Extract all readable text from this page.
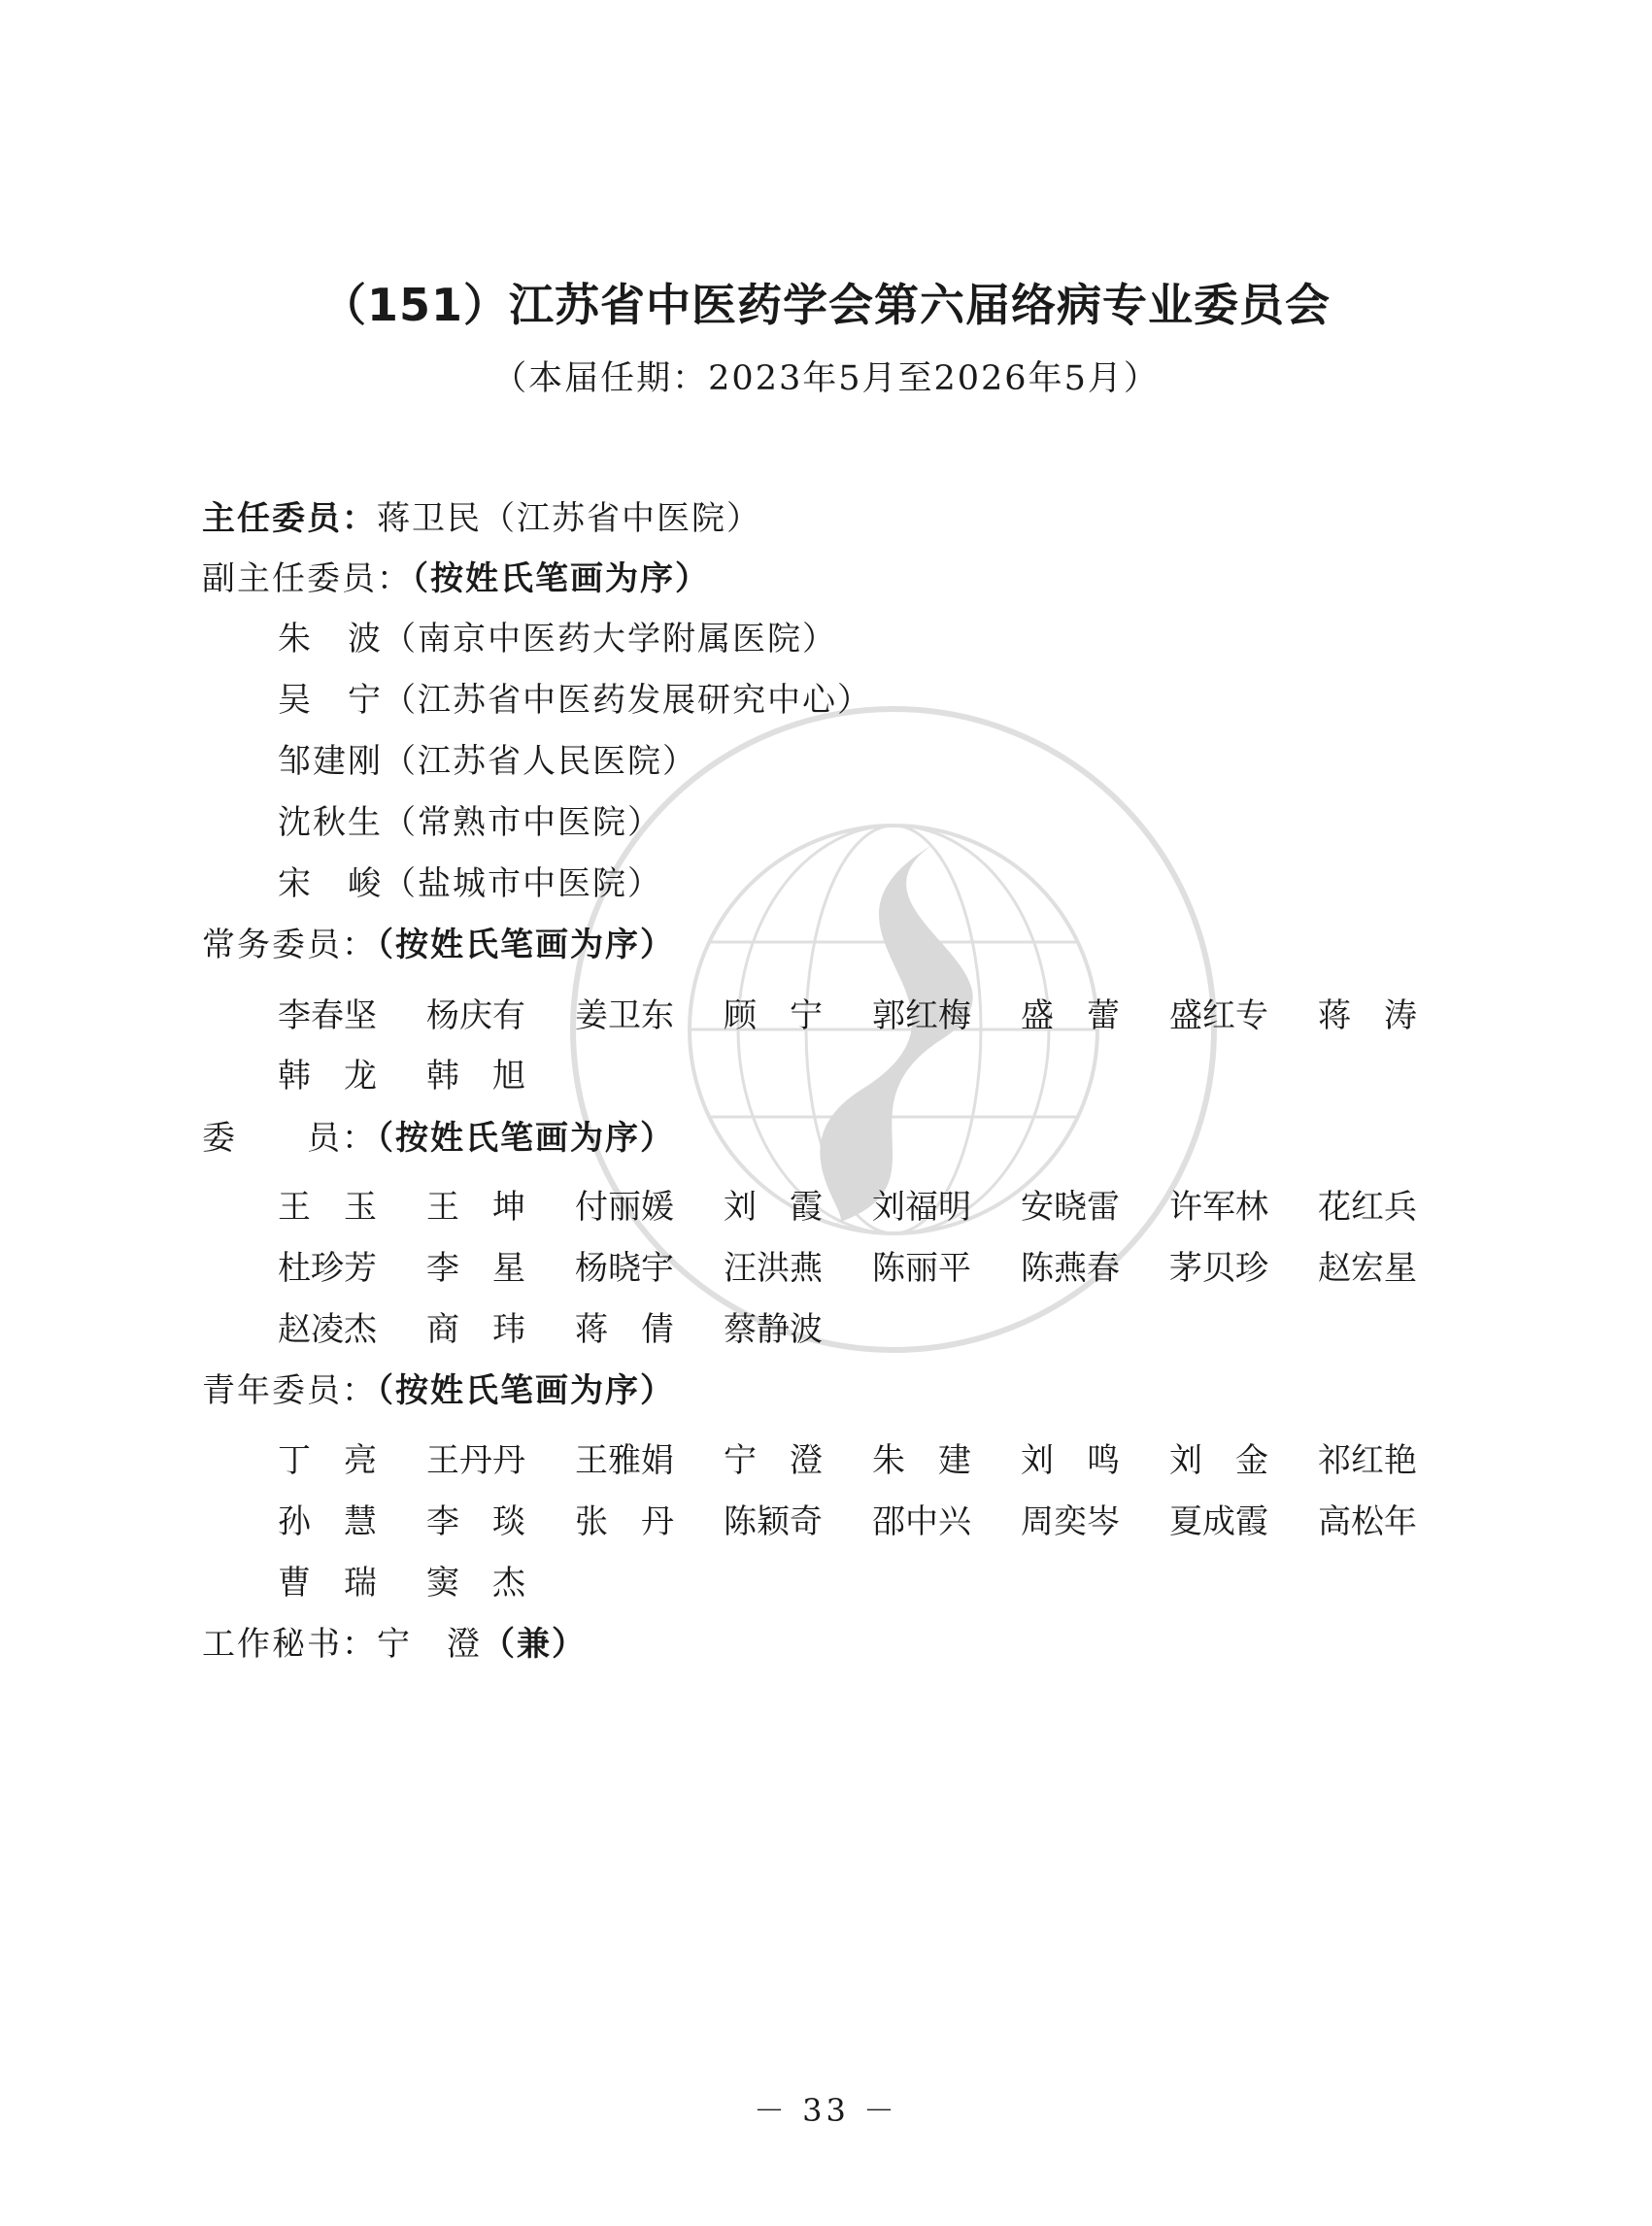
（151）江苏省中医药学会第六届络病专业委员会
（本届任期：2023年5月至2026年5月）
主任委员：蒋卫民（江苏省中医院）
副主任委员：（按姓氏笔画为序）
朱　波（南京中医药大学附属医院）
吴　宁（江苏省中医药发展研究中心）
邹建刚（江苏省人民医院）
沈秋生（常熟市中医院）
宋　峻（盐城市中医院）
常务委员：（按姓氏笔画为序）
李春坚 杨庆有 姜卫东 顾　宁 郭红梅 盛　蕾 盛红专 蒋　涛
韩　龙 韩　旭
委　　员：（按姓氏笔画为序）
王　玉 王　坤 付丽媛 刘　霞 刘福明 安晓雷 许军林 花红兵
杜珍芳 李　星 杨晓宇 汪洪燕 陈丽平 陈燕春 茅贝珍 赵宏星
赵凌杰 商　玮 蒋　倩 蔡静波
青年委员：（按姓氏笔画为序）
丁　亮 王丹丹 王雅娟 宁　澄 朱　建 刘　鸣 刘　金 祁红艳
孙　慧 李　琰 张　丹 陈颖奇 邵中兴 周奕岑 夏成霞 高松年
曹　瑞 窦　杰
工作秘书：宁　澄（兼）
－ 33 －
